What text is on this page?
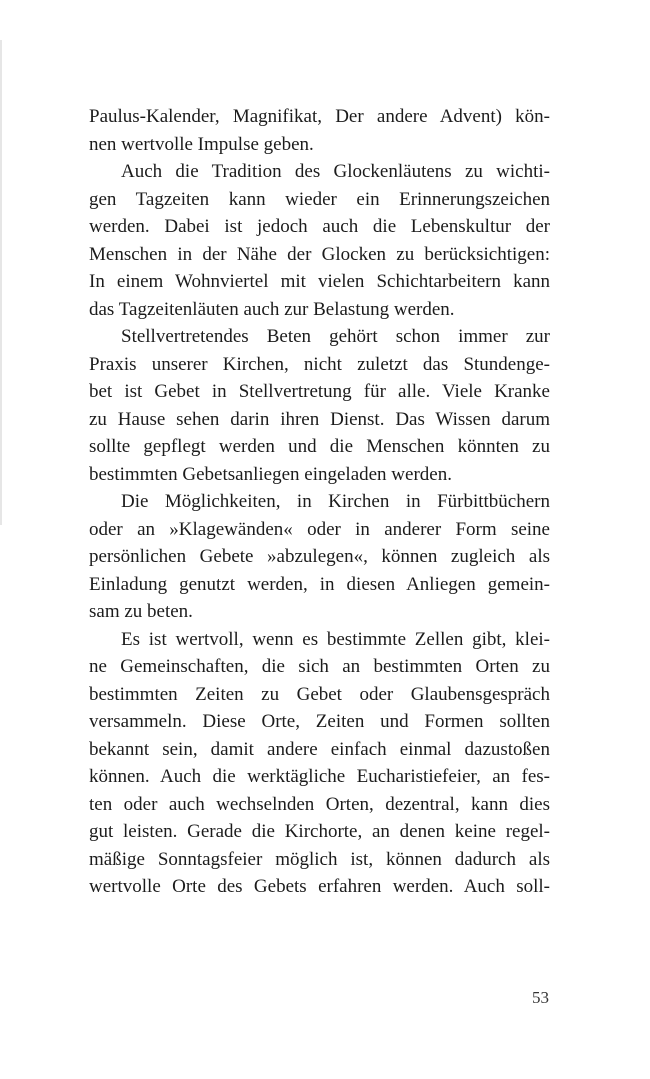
Paulus-Kalender, Magnifikat, Der andere Advent) kön-
nen wertvolle Impulse geben.
Auch die Tradition des Glockenläutens zu wichti-
gen Tagzeiten kann wieder ein Erinnerungszeichen
werden. Dabei ist jedoch auch die Lebenskultur der
Menschen in der Nähe der Glocken zu berücksichtigen:
In einem Wohnviertel mit vielen Schichtarbeitern kann
das Tagzeitenläuten auch zur Belastung werden.
Stellvertretendes Beten gehört schon immer zur
Praxis unserer Kirchen, nicht zuletzt das Stundenge-
bet ist Gebet in Stellvertretung für alle. Viele Kranke
zu Hause sehen darin ihren Dienst. Das Wissen darum
sollte gepflegt werden und die Menschen könnten zu
bestimmten Gebetsanliegen eingeladen werden.
Die Möglichkeiten, in Kirchen in Fürbittbüchern
oder an »Klagewänden« oder in anderer Form seine
persönlichen Gebete »abzulegen«, können zugleich als
Einladung genutzt werden, in diesen Anliegen gemein-
sam zu beten.
Es ist wertvoll, wenn es bestimmte Zellen gibt, klei-
ne Gemeinschaften, die sich an bestimmten Orten zu
bestimmten Zeiten zu Gebet oder Glaubensgespräch
versammeln. Diese Orte, Zeiten und Formen sollten
bekannt sein, damit andere einfach einmal dazustoßen
können. Auch die werktägliche Eucharistiefeier, an fes-
ten oder auch wechselnden Orten, dezentral, kann dies
gut leisten. Gerade die Kirchorte, an denen keine regel-
mäßige Sonntagsfeier möglich ist, können dadurch als
wertvolle Orte des Gebets erfahren werden. Auch soll-
53
